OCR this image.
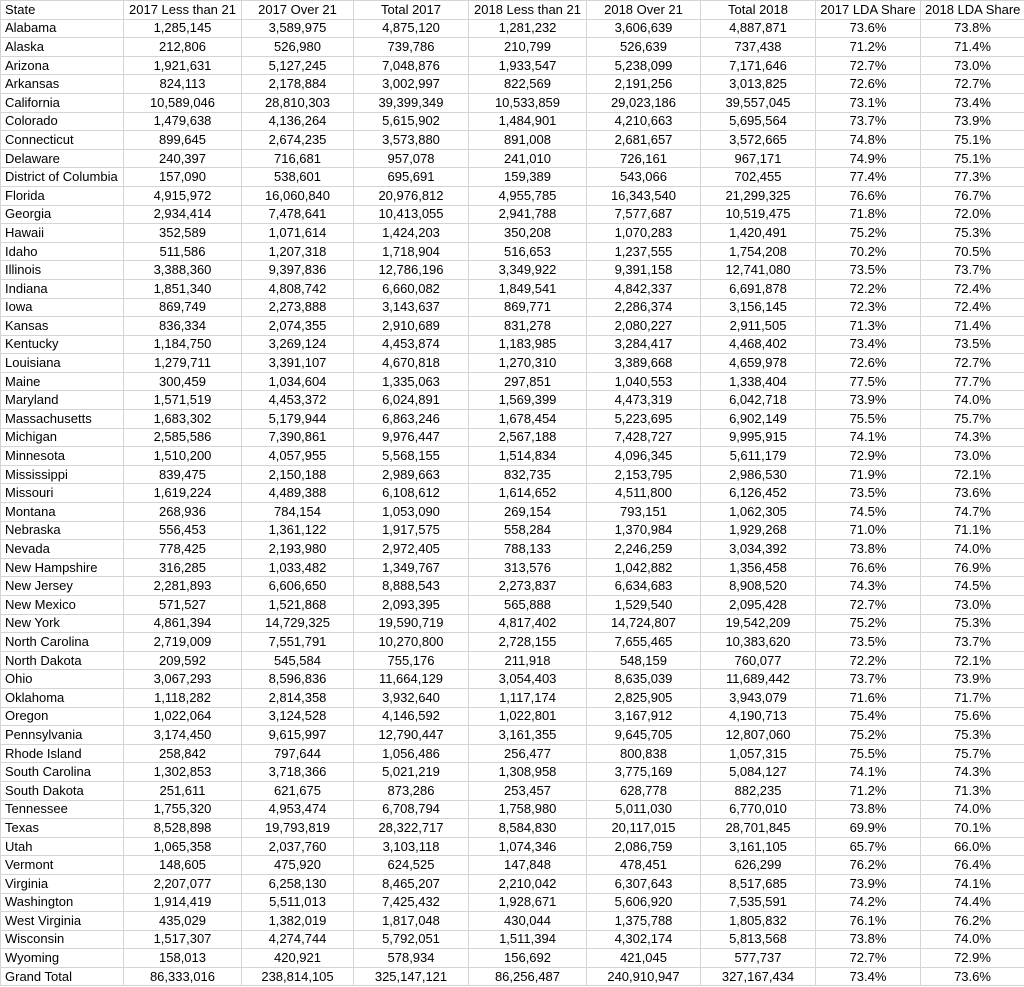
State	2017 Less than 21	2017 Over 21	Total 2017	2018 Less than 21	2018 Over 21	Total 2018	2017 LDA Share	2018 LDA Share
Alabama	1,285,145	3,589,975	4,875,120	1,281,232	3,606,639	4,887,871	73.6%	73.8%
Alaska	212,806	526,980	739,786	210,799	526,639	737,438	71.2%	71.4%
Arizona	1,921,631	5,127,245	7,048,876	1,933,547	5,238,099	7,171,646	72.7%	73.0%
Arkansas	824,113	2,178,884	3,002,997	822,569	2,191,256	3,013,825	72.6%	72.7%
California	10,589,046	28,810,303	39,399,349	10,533,859	29,023,186	39,557,045	73.1%	73.4%
Colorado	1,479,638	4,136,264	5,615,902	1,484,901	4,210,663	5,695,564	73.7%	73.9%
Connecticut	899,645	2,674,235	3,573,880	891,008	2,681,657	3,572,665	74.8%	75.1%
Delaware	240,397	716,681	957,078	241,010	726,161	967,171	74.9%	75.1%
District of Columbia	157,090	538,601	695,691	159,389	543,066	702,455	77.4%	77.3%
Florida	4,915,972	16,060,840	20,976,812	4,955,785	16,343,540	21,299,325	76.6%	76.7%
Georgia	2,934,414	7,478,641	10,413,055	2,941,788	7,577,687	10,519,475	71.8%	72.0%
Hawaii	352,589	1,071,614	1,424,203	350,208	1,070,283	1,420,491	75.2%	75.3%
Idaho	511,586	1,207,318	1,718,904	516,653	1,237,555	1,754,208	70.2%	70.5%
Illinois	3,388,360	9,397,836	12,786,196	3,349,922	9,391,158	12,741,080	73.5%	73.7%
Indiana	1,851,340	4,808,742	6,660,082	1,849,541	4,842,337	6,691,878	72.2%	72.4%
Iowa	869,749	2,273,888	3,143,637	869,771	2,286,374	3,156,145	72.3%	72.4%
Kansas	836,334	2,074,355	2,910,689	831,278	2,080,227	2,911,505	71.3%	71.4%
Kentucky	1,184,750	3,269,124	4,453,874	1,183,985	3,284,417	4,468,402	73.4%	73.5%
Louisiana	1,279,711	3,391,107	4,670,818	1,270,310	3,389,668	4,659,978	72.6%	72.7%
Maine	300,459	1,034,604	1,335,063	297,851	1,040,553	1,338,404	77.5%	77.7%
Maryland	1,571,519	4,453,372	6,024,891	1,569,399	4,473,319	6,042,718	73.9%	74.0%
Massachusetts	1,683,302	5,179,944	6,863,246	1,678,454	5,223,695	6,902,149	75.5%	75.7%
Michigan	2,585,586	7,390,861	9,976,447	2,567,188	7,428,727	9,995,915	74.1%	74.3%
Minnesota	1,510,200	4,057,955	5,568,155	1,514,834	4,096,345	5,611,179	72.9%	73.0%
Mississippi	839,475	2,150,188	2,989,663	832,735	2,153,795	2,986,530	71.9%	72.1%
Missouri	1,619,224	4,489,388	6,108,612	1,614,652	4,511,800	6,126,452	73.5%	73.6%
Montana	268,936	784,154	1,053,090	269,154	793,151	1,062,305	74.5%	74.7%
Nebraska	556,453	1,361,122	1,917,575	558,284	1,370,984	1,929,268	71.0%	71.1%
Nevada	778,425	2,193,980	2,972,405	788,133	2,246,259	3,034,392	73.8%	74.0%
New Hampshire	316,285	1,033,482	1,349,767	313,576	1,042,882	1,356,458	76.6%	76.9%
New Jersey	2,281,893	6,606,650	8,888,543	2,273,837	6,634,683	8,908,520	74.3%	74.5%
New Mexico	571,527	1,521,868	2,093,395	565,888	1,529,540	2,095,428	72.7%	73.0%
New York	4,861,394	14,729,325	19,590,719	4,817,402	14,724,807	19,542,209	75.2%	75.3%
North Carolina	2,719,009	7,551,791	10,270,800	2,728,155	7,655,465	10,383,620	73.5%	73.7%
North Dakota	209,592	545,584	755,176	211,918	548,159	760,077	72.2%	72.1%
Ohio	3,067,293	8,596,836	11,664,129	3,054,403	8,635,039	11,689,442	73.7%	73.9%
Oklahoma	1,118,282	2,814,358	3,932,640	1,117,174	2,825,905	3,943,079	71.6%	71.7%
Oregon	1,022,064	3,124,528	4,146,592	1,022,801	3,167,912	4,190,713	75.4%	75.6%
Pennsylvania	3,174,450	9,615,997	12,790,447	3,161,355	9,645,705	12,807,060	75.2%	75.3%
Rhode Island	258,842	797,644	1,056,486	256,477	800,838	1,057,315	75.5%	75.7%
South Carolina	1,302,853	3,718,366	5,021,219	1,308,958	3,775,169	5,084,127	74.1%	74.3%
South Dakota	251,611	621,675	873,286	253,457	628,778	882,235	71.2%	71.3%
Tennessee	1,755,320	4,953,474	6,708,794	1,758,980	5,011,030	6,770,010	73.8%	74.0%
Texas	8,528,898	19,793,819	28,322,717	8,584,830	20,117,015	28,701,845	69.9%	70.1%
Utah	1,065,358	2,037,760	3,103,118	1,074,346	2,086,759	3,161,105	65.7%	66.0%
Vermont	148,605	475,920	624,525	147,848	478,451	626,299	76.2%	76.4%
Virginia	2,207,077	6,258,130	8,465,207	2,210,042	6,307,643	8,517,685	73.9%	74.1%
Washington	1,914,419	5,511,013	7,425,432	1,928,671	5,606,920	7,535,591	74.2%	74.4%
West Virginia	435,029	1,382,019	1,817,048	430,044	1,375,788	1,805,832	76.1%	76.2%
Wisconsin	1,517,307	4,274,744	5,792,051	1,511,394	4,302,174	5,813,568	73.8%	74.0%
Wyoming	158,013	420,921	578,934	156,692	421,045	577,737	72.7%	72.9%
Grand Total	86,333,016	238,814,105	325,147,121	86,256,487	240,910,947	327,167,434	73.4%	73.6%
